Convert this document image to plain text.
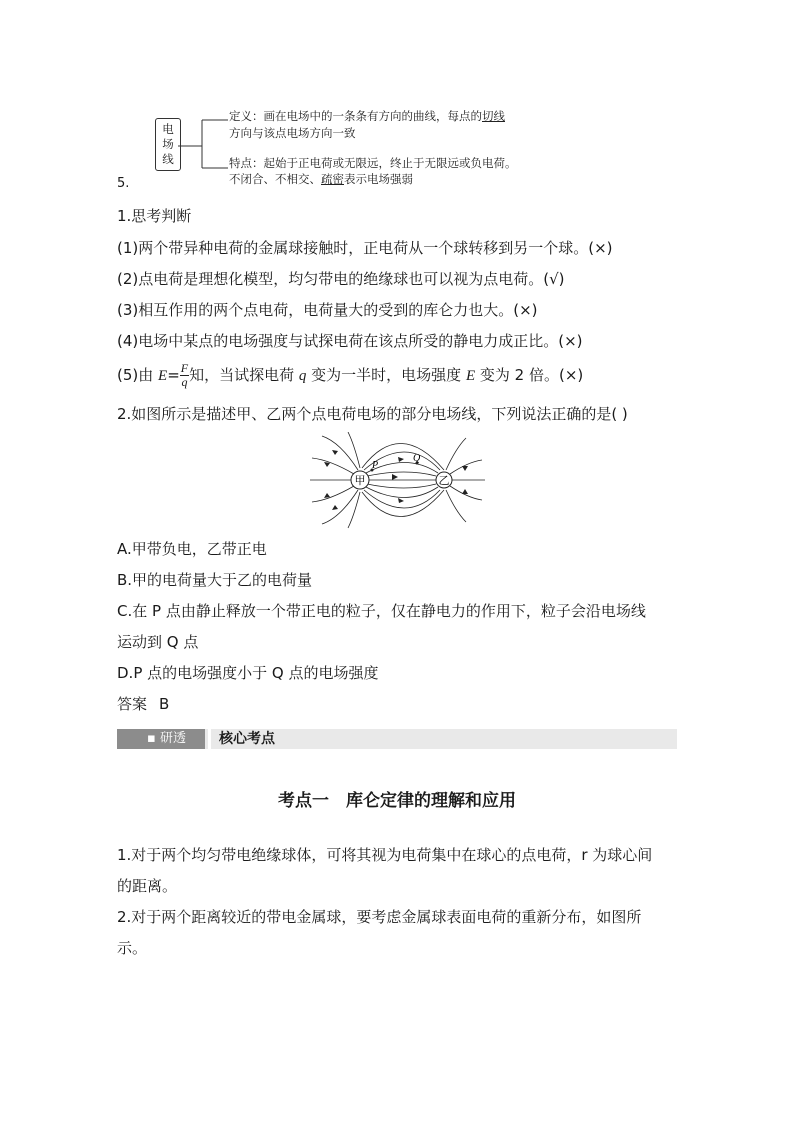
5.
电场线
定义：画在电场中的一条条有方向的曲线，每点的切线
方向与该点电场方向一致
特点：起始于正电荷或无限远，终止于无限远或负电荷。
不闭合、不相交、疏密表示电场强弱
1.思考判断
(1)两个带异种电荷的金属球接触时，正电荷从一个球转移到另一个球。(×)
(2)点电荷是理想化模型，均匀带电的绝缘球也可以视为点电荷。(√)
(3)相互作用的两个点电荷，电荷量大的受到的库仑力也大。(×)
(4)电场中某点的电场强度与试探电荷在该点所受的静电力成正比。(×)
(5)由 $E= \frac{F}{q}$ 知，当试探电荷 q 变为一半时，电场强度 E 变为 2 倍。(×)
2.如图所示是描述甲、乙两个点电荷电场的部分电场线，下列说法正确的是( )
甲	乙
P
Q
A.甲带负电，乙带正电
B.甲的电荷量大于乙的电荷量
C.在 P 点由静止释放一个带正电的粒子，仅在静电力的作用下，粒子会沿电场线
运动到 Q 点
D.P 点的电场强度小于 Q 点的电场强度
答案 B
▪ 研透	核心考点
考点一　库仑定律的理解和应用
1.对于两个均匀带电绝缘球体，可将其视为电荷集中在球心的点电荷，r 为球心间
的距离。
2.对于两个距离较近的带电金属球，要考虑金属球表面电荷的重新分布，如图所
示。
